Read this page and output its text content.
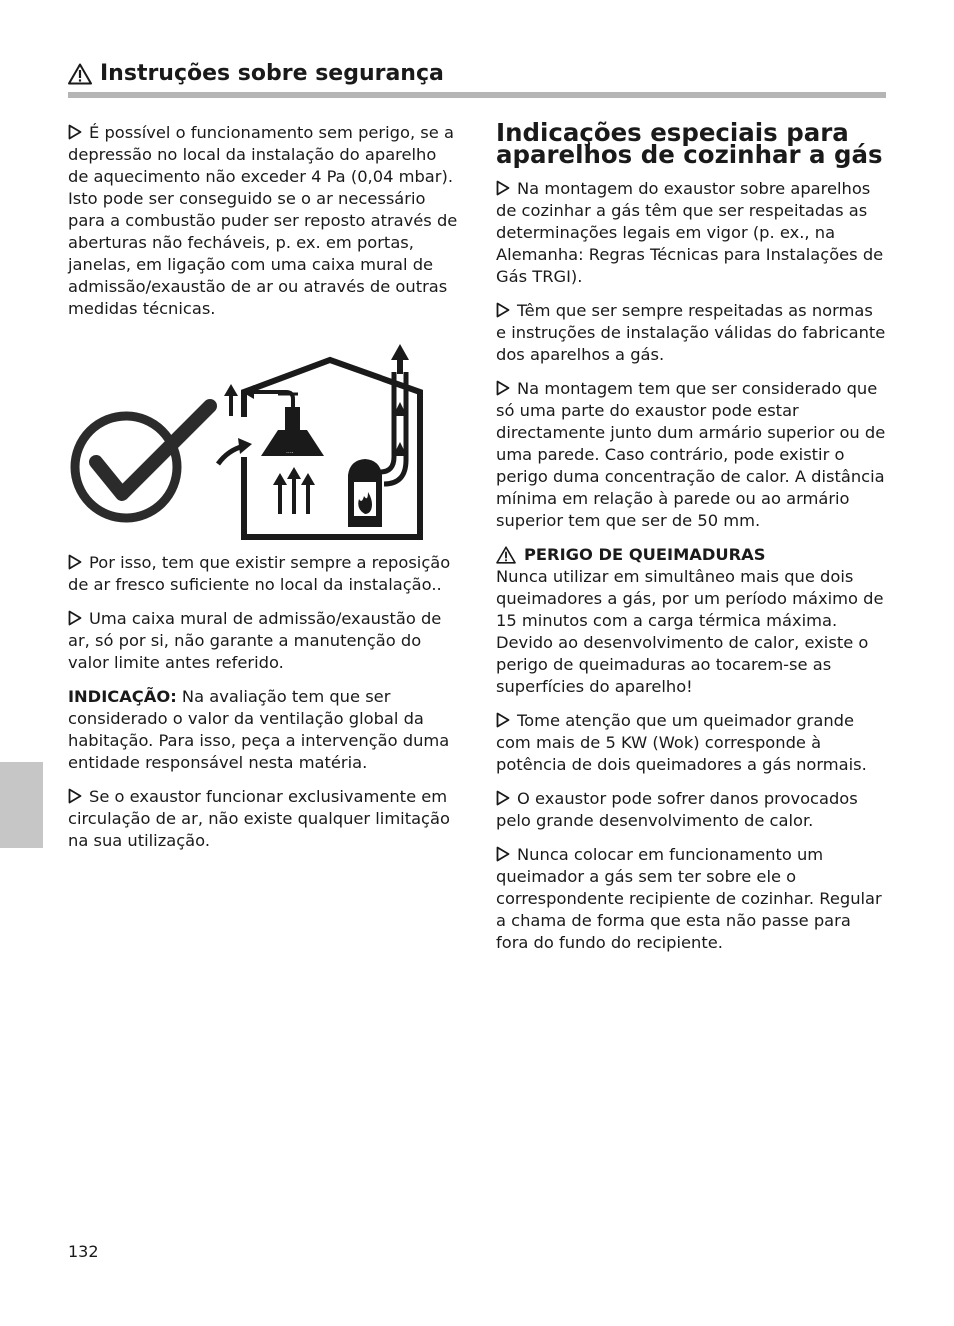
Instruções sobre segurança

É possível o funcionamento sem perigo, se a depressão no local da instalação do aparelho de aquecimento não exceder 4 Pa (0,04 mbar). Isto pode ser conseguido se o ar necessário para a combustão puder ser reposto através de aberturas não fecháveis, p. ex. em portas, janelas, em ligação com uma caixa mural de admissão/exaustão de ar ou através de outras medidas técnicas.

....

Por isso, tem que existir sempre a reposição de ar fresco suficiente no local da instalação..

Uma caixa mural de admissão/exaustão de ar, só por si, não garante a manutenção do valor limite antes referido.

INDICAÇÃO: Na avaliação tem que ser considerado o valor da ventilação global da habitação. Para isso, peça a intervenção duma entidade responsável nesta matéria.

Se o exaustor funcionar exclusivamente em circulação de ar, não existe qualquer limitação na sua utilização.

Indicações especiais para aparelhos de cozinhar a gás

Na montagem do exaustor sobre aparelhos de cozinhar a gás têm que ser respeitadas as determinações legais em vigor (p. ex., na Alemanha: Regras Técnicas para Instalações de Gás TRGI).

Têm que ser sempre respeitadas as normas e instruções de instalação válidas do fabricante dos aparelhos a gás.

Na montagem tem que ser considerado que só uma parte do exaustor pode estar directamente junto dum armário superior ou de uma parede. Caso contrário, pode existir o perigo duma concentração de calor. A distância mínima em relação à parede ou ao armário superior tem que ser de 50 mm.

PERIGO DE QUEIMADURAS
Nunca utilizar em simultâneo mais que dois queimadores a gás, por um período máximo de 15 minutos com a carga térmica máxima. Devido ao desenvolvimento de calor, existe o perigo de queimaduras ao tocarem-se as superfícies do aparelho!

Tome atenção que um queimador grande com mais de 5 KW (Wok) corresponde à potência de dois queimadores a gás normais.

O exaustor pode sofrer danos provocados pelo grande desenvolvimento de calor.

Nunca colocar em funcionamento um queimador a gás sem ter sobre ele o correspondente recipiente de cozinhar. Regular a chama de forma que esta não passe para fora do fundo do recipiente.

132
